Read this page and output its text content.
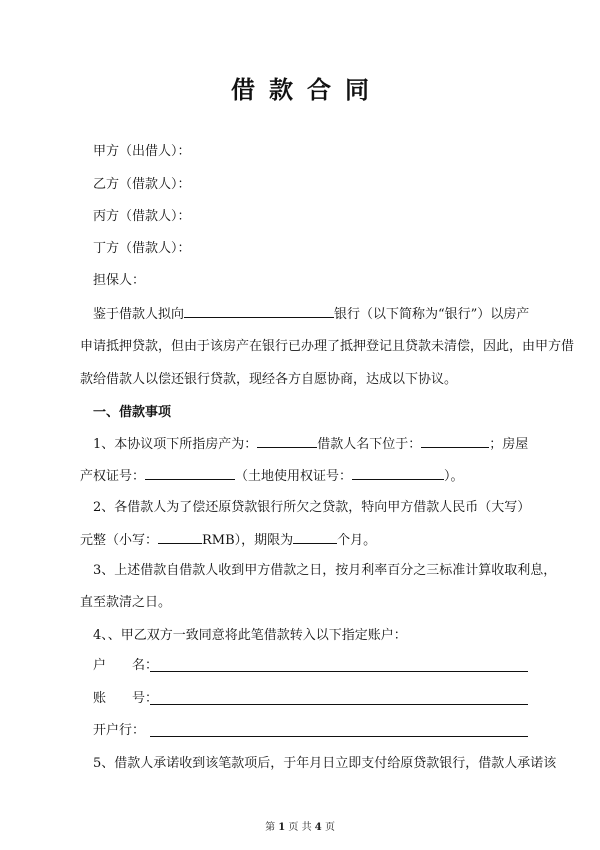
借款合同
甲方（出借人）：
乙方（借款人）：
丙方（借款人）：
丁方（借款人）：
担保人：
鉴于借款人拟向	银行（以下简称为“银行”）以房产
申请抵押贷款，但由于该房产在银行已办理了抵押登记且贷款未清偿，因此，由甲方借
款给借款人以偿还银行贷款，现经各方自愿协商，达成以下协议。
一、借款事项
1、本协议项下所指房产为：	借款人名下位于：	；房屋
产权证号：	（土地使用权证号：	）。
2、各借款人为了偿还原贷款银行所欠之贷款，特向甲方借款人民币（大写）
元整（小写：	RMB），期限为	个月。
3、上述借款自借款人收到甲方借款之日，按月利率百分之三标准计算收取利息，
直至款清之日。
4、、甲乙双方一致同意将此笔借款转入以下指定账户：
户　　名：
账　　号：
开户行：
5、借款人承诺收到该笔款项后，于年月日立即支付给原贷款银行，借款人承诺该
第 1 页 共 4 页
